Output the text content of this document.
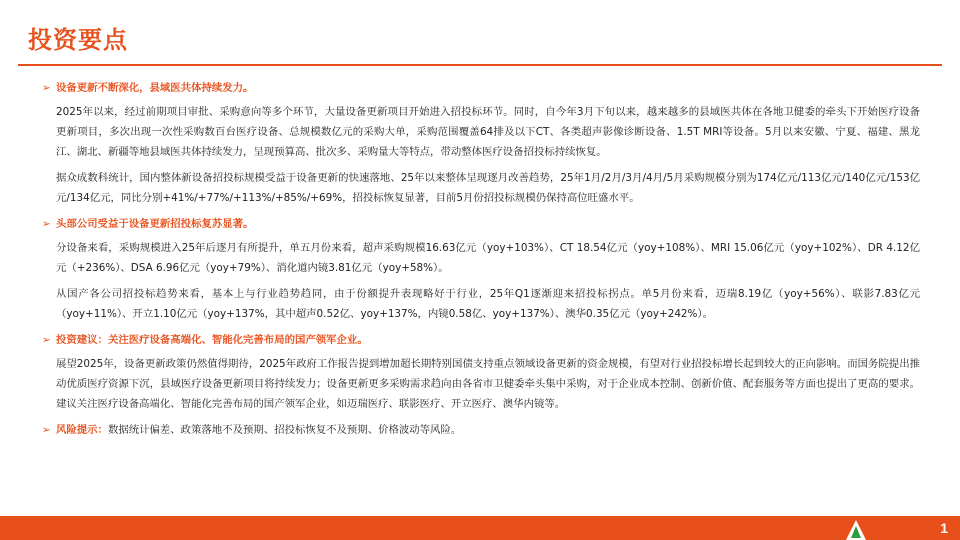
投资要点
➢ 设备更新不断深化，县域医共体持续发力。

2025年以来，经过前期项目审批、采购意向等多个环节，大量设备更新项目开始进入招投标环节。同时，自今年3月下旬以来，越来越多的县域医共体在各地卫健委的牵头下开始医疗设备更新项目，多次出现一次性采购数百台医疗设备、总规模数亿元的采购大单，采购范围覆盖64排及以下CT、各类超声影像诊断设备、1.5T MRI等设备。5月以来安徽、宁夏、福建、黑龙江、湖北、新疆等地县域医共体持续发力，呈现预算高、批次多、采购量大等特点，带动整体医疗设备招投标持续恢复。

据众成数科统计，国内整体新设备招投标规模受益于设备更新的快速落地、25年以来整体呈现逐月改善趋势，25年1月/2月/3月/4月/5月采购规模分别为174亿元/113亿元/140亿元/153亿元/134亿元，同比分别+41%/+77%/+113%/+85%/+69%，招投标恢复显著，目前5月份招投标规模仍保持高位旺盛水平。

➢ 头部公司受益于设备更新招投标复苏显著。

分设备来看，采购规模进入25年后逐月有所提升，单五月份来看，超声采购规模16.63亿元（yoy+103%）、CT 18.54亿元（yoy+108%）、MRI 15.06亿元（yoy+102%）、DR 4.12亿元（+236%）、DSA 6.96亿元（yoy+79%）、消化道内镜3.81亿元（yoy+58%）。

从国产各公司招投标趋势来看，基本上与行业趋势趋同，由于份额提升表现略好于行业，25年Q1逐渐迎来招投标拐点。单5月份来看，迈瑞8.19亿（yoy+56%）、联影7.83亿元（yoy+11%）、开立1.10亿元（yoy+137%，其中超声0.52亿、yoy+137%，内镜0.58亿、yoy+137%）、澳华0.35亿元（yoy+242%）。

➢ 投资建议：关注医疗设备高端化、智能化完善布局的国产领军企业。

展望2025年，设备更新政策仍然值得期待，2025年政府工作报告提到增加超长期特别国债支持重点领域设备更新的资金规模，有望对行业招投标增长起到较大的正向影响。而国务院提出推动优质医疗资源下沉，县域医疗设备更新项目将持续发力；设备更新更多采购需求趋向由各省市卫健委牵头集中采购，对于企业成本控制、创新价值、配套服务等方面也提出了更高的要求。建议关注医疗设备高端化、智能化完善布局的国产领军企业，如迈瑞医疗、联影医疗、开立医疗、澳华内镜等。

➢ 风险提示：数据统计偏差、政策落地不及预期、招投标恢复不及预期、价格波动等风险。
1
